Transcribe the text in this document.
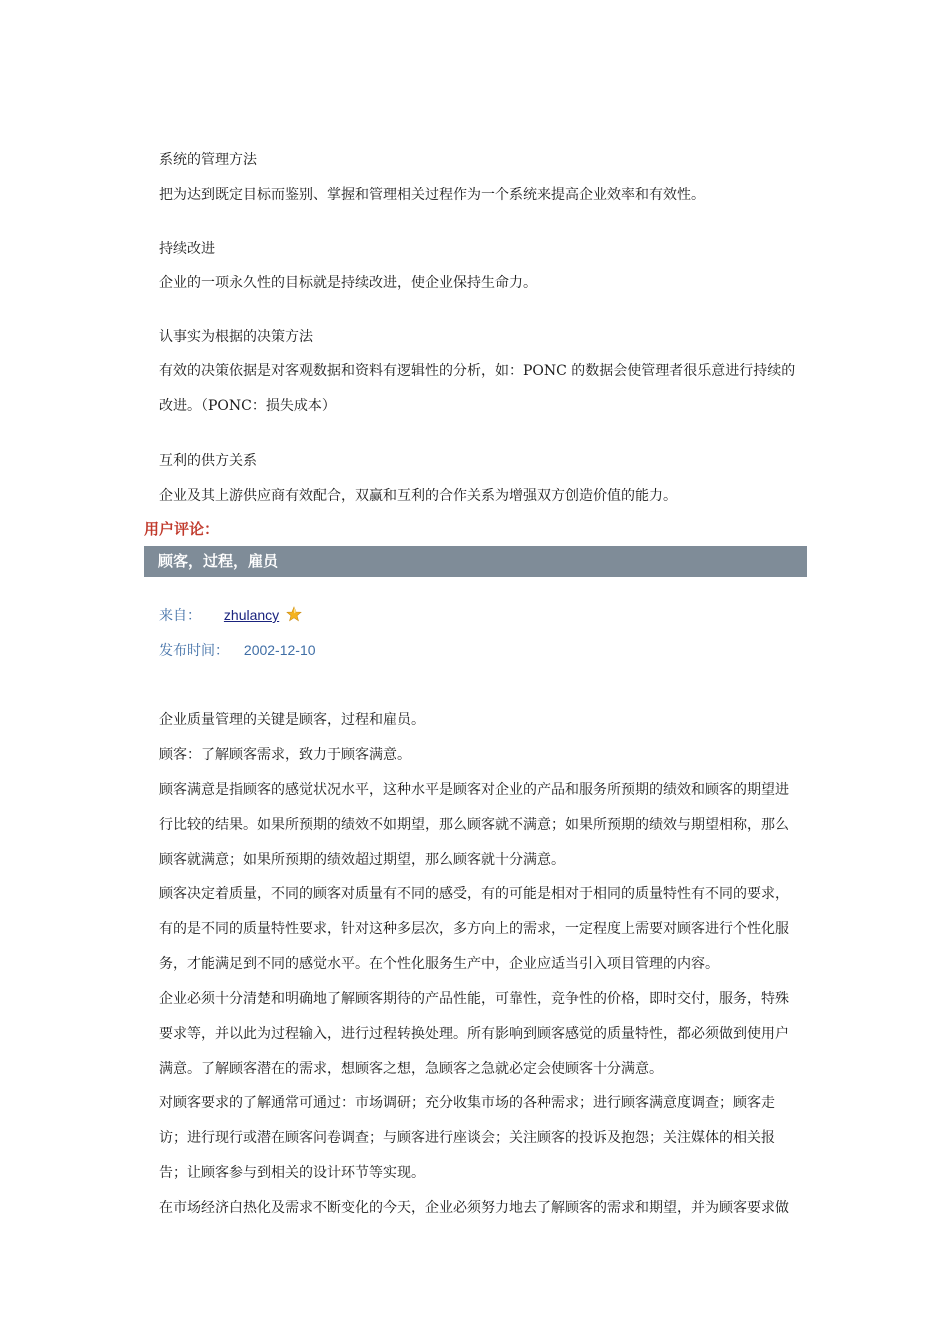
系统的管理方法
把为达到既定目标而鉴别、掌握和管理相关过程作为一个系统来提高企业效率和有效性。
持续改进
企业的一项永久性的目标就是持续改进，使企业保持生命力。
认事实为根据的决策方法
有效的决策依据是对客观数据和资料有逻辑性的分析，如：PONC 的数据会使管理者很乐意进行持续的
改进。（PONC：损失成本）
互利的供方关系
企业及其上游供应商有效配合，双赢和互利的合作关系为增强双方创造价值的能力。
用户评论：
顾客，过程，雇员
来自： zhulancy
发布时间： 2002-12-10
企业质量管理的关键是顾客，过程和雇员。
顾客：了解顾客需求，致力于顾客满意。
顾客满意是指顾客的感觉状况水平，这种水平是顾客对企业的产品和服务所预期的绩效和顾客的期望进
行比较的结果。如果所预期的绩效不如期望，那么顾客就不满意；如果所预期的绩效与期望相称，那么
顾客就满意；如果所预期的绩效超过期望，那么顾客就十分满意。
顾客决定着质量，不同的顾客对质量有不同的感受，有的可能是相对于相同的质量特性有不同的要求，
有的是不同的质量特性要求，针对这种多层次，多方向上的需求，一定程度上需要对顾客进行个性化服
务，才能满足到不同的感觉水平。在个性化服务生产中，企业应适当引入项目管理的内容。
企业必须十分清楚和明确地了解顾客期待的产品性能，可靠性，竞争性的价格，即时交付，服务，特殊
要求等，并以此为过程输入，进行过程转换处理。所有影响到顾客感觉的质量特性，都必须做到使用户
满意。了解顾客潜在的需求，想顾客之想，急顾客之急就必定会使顾客十分满意。
对顾客要求的了解通常可通过：市场调研；充分收集市场的各种需求；进行顾客满意度调查；顾客走
访；进行现行或潜在顾客问卷调查；与顾客进行座谈会；关注顾客的投诉及抱怨；关注媒体的相关报
告；让顾客参与到相关的设计环节等实现。
在市场经济白热化及需求不断变化的今天，企业必须努力地去了解顾客的需求和期望，并为顾客要求做
